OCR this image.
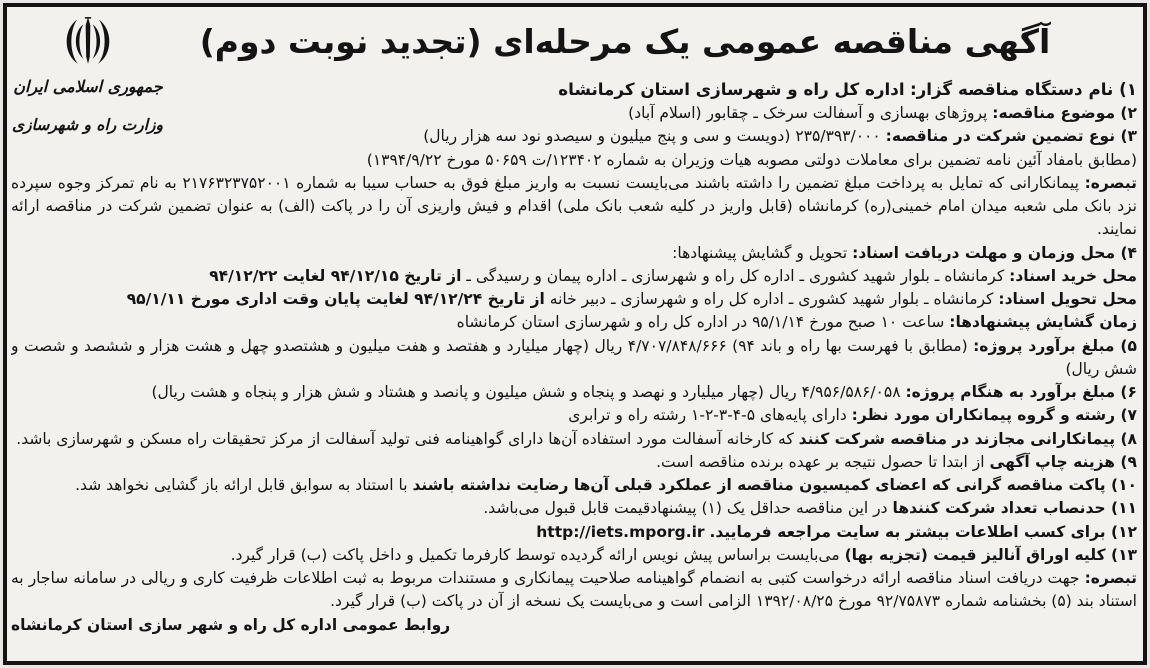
جمهوری اسلامی ایران
وزارت راه و شهرسازی
آگهی مناقصه عمومی یک مرحله‌ای (تجدید نوبت دوم)

۱) نام دستگاه مناقصه گزار: اداره کل راه و شهرسازی استان کرمانشاه

۲) موضوع مناقصه: پروژهای بهسازی و آسفالت سرخک ـ چقابور (اسلام آباد)

۳) نوع تضمین شرکت در مناقصه: ۲۳۵/۳۹۳/۰۰۰ (دویست و سی و پنج میلیون و سیصدو نود سه هزار ریال)

(مطابق بامفاد آئین نامه تضمین برای معاملات دولتی مصوبه هیات وزیران به شماره ۱۲۳۴۰۲/ت ۵۰۶۵۹ مورخ ۱۳۹۴/۹/۲۲)

تبصره: پیمانکارانی که تمایل به پرداخت مبلغ تضمین را داشته باشند می‌بایست نسبت به واریز مبلغ فوق به حساب سیبا به شماره ۲۱۷۶۳۲۳۷۵۲۰۰۱ به نام تمرکز وجوه سپرده نزد بانک ملی شعبه میدان امام خمینی(ره) کرمانشاه (قابل واریز در کلیه شعب بانک ملی) اقدام و فیش واریزی آن را در پاکت (الف) به عنوان تضمین شرکت در مناقصه ارائه نمایند.

۴) محل وزمان و مهلت دریافت اسناد: تحویل و گشایش پیشنهادها:

محل خرید اسناد: کرمانشاه ـ بلوار شهید کشوری ـ اداره کل راه و شهرسازی ـ اداره پیمان و رسیدگی ـ از تاریخ ۹۴/۱۲/۱۵ لغایت ۹۴/۱۲/۲۲

محل تحویل اسناد: کرمانشاه ـ بلوار شهید کشوری ـ اداره کل راه و شهرسازی ـ دبیر خانه از تاریخ ۹۴/۱۲/۲۴ لغایت پایان وقت اداری مورخ ۹۵/۱/۱۱

زمان گشایش پیشنهادها: ساعت ۱۰ صبح مورخ ۹۵/۱/۱۴ در اداره کل راه و شهرسازی استان کرمانشاه

۵) مبلغ برآورد پروژه: (مطابق با فهرست بها راه و باند ۹۴) ۴/۷۰۷/۸۴۸/۶۶۶ ریال (چهار میلیارد و هفتصد و هفت میلیون و هشتصدو چهل و هشت هزار و ششصد و شصت و شش ریال)

۶) مبلغ برآورد به هنگام پروژه: ۴/۹۵۶/۵۸۶/۰۵۸ ریال (چهار میلیارد و نهصد و پنجاه و شش میلیون و پانصد و هشتاد و شش هزار و پنجاه و هشت ریال)

۷) رشته و گروه پیمانکاران مورد نظر: دارای پایه‌های ۵-۴-۳-۲-۱ رشته راه و ترابری

۸) پیمانکارانی مجازند در مناقصه شرکت کنند که کارخانه آسفالت مورد استفاده آن‌ها دارای گواهینامه فنی تولید آسفالت از مرکز تحقیقات راه مسکن و شهرسازی باشد.

۹) هزینه چاپ آگهی از ابتدا تا حصول نتیجه بر عهده برنده مناقصه است.

۱۰) پاکت مناقصه گرانی که اعضای کمیسیون مناقصه از عملکرد قبلی آن‌ها رضایت نداشته باشند با استناد به سوابق قابل ارائه باز گشایی نخواهد شد.

۱۱) حدنصاب تعداد شرکت کنندها در این مناقصه حداقل یک (۱) پیشنهادقیمت قابل قبول می‌باشد.

۱۲) برای کسب اطلاعات بیشتر به سایت مراجعه فرمایید. http://iets.mporg.ir

۱۳) کلیه اوراق آنالیز قیمت (تجزیه بها) می‌بایست براساس پیش نویس ارائه گردیده توسط کارفرما تکمیل و داخل پاکت (ب) قرار گیرد.

تبصره: جهت دریافت اسناد مناقصه ارائه درخواست کتبی به انضمام گواهینامه صلاحیت پیمانکاری و مستندات مربوط به ثبت اطلاعات ظرفیت کاری و ریالی در سامانه ساجار به استناد بند (۵) بخشنامه شماره ۹۲/۷۵۸۷۳ مورخ ۱۳۹۲/۰۸/۲۵ الزامی است و می‌بایست یک نسخه از آن در پاکت (ب) قرار گیرد.

روابط عمومی اداره کل راه و شهر سازی استان کرمانشاه
